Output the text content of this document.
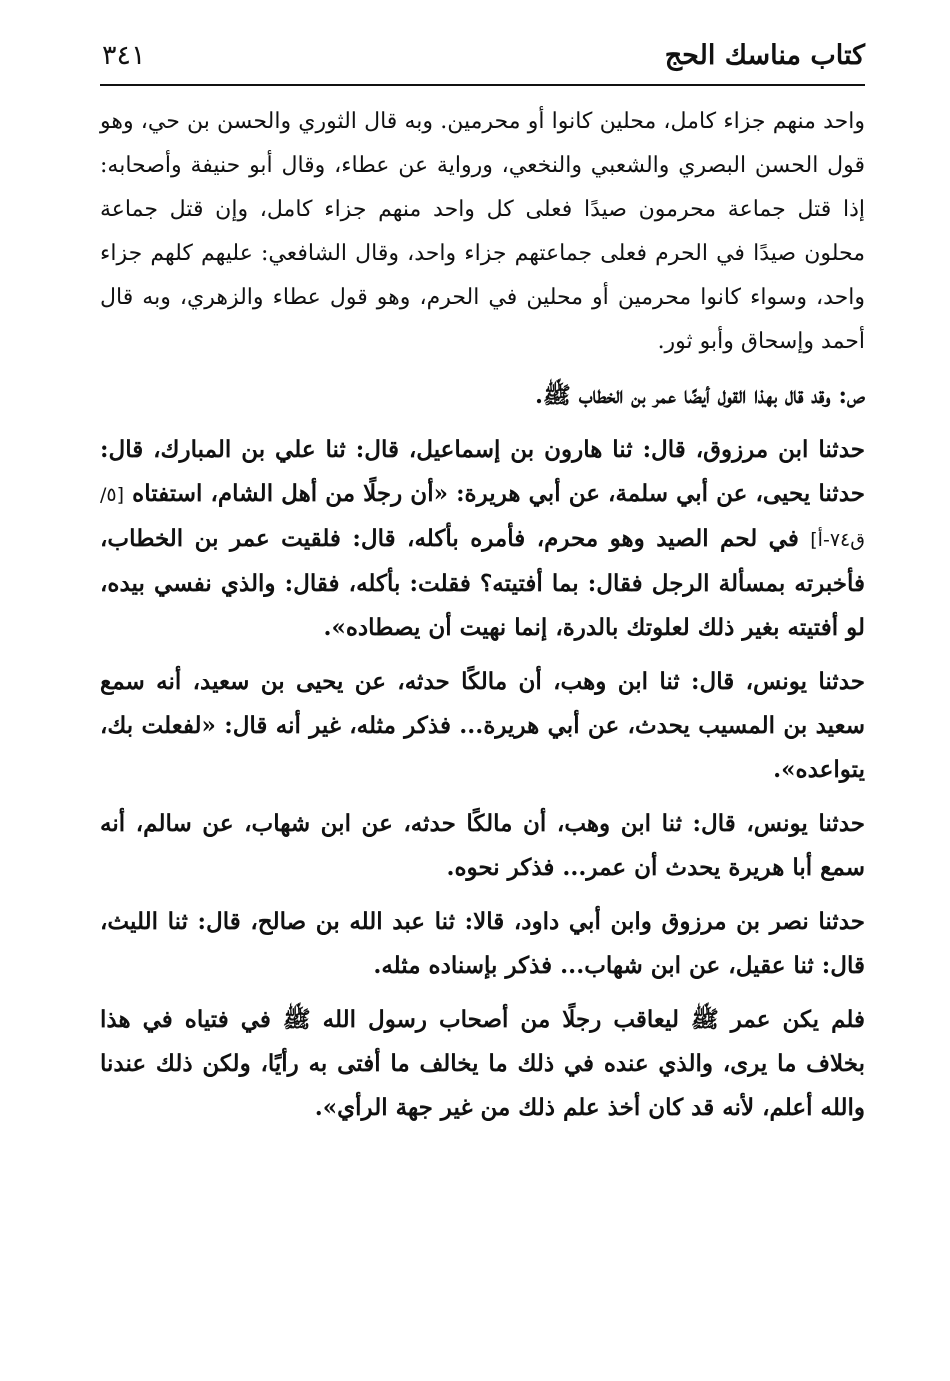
كتاب مناسك الحج
٣٤١

واحد منهم جزاء كامل، محلين كانوا أو محرمين. وبه قال الثوري والحسن بن حي، وهو قول الحسن البصري والشعبي والنخعي، ورواية عن عطاء، وقال أبو حنيفة وأصحابه: إذا قتل جماعة محرمون صيدًا فعلى كل واحد منهم جزاء كامل، وإن قتل جماعة محلون صيدًا في الحرم فعلى جماعتهم جزاء واحد، وقال الشافعي: عليهم كلهم جزاء واحد، وسواء كانوا محرمين أو محلين في الحرم، وهو قول عطاء والزهري، وبه قال أحمد وإسحاق وأبو ثور.

ص: وقد قال بهذا القول أيضًا عمر بن الخطاب ﷺ.

حدثنا ابن مرزوق، قال: ثنا هارون بن إسماعيل، قال: ثنا علي بن المبارك، قال: حدثنا يحيى، عن أبي سلمة، عن أبي هريرة: «أن رجلًا من أهل الشام، استفتاه [٥/ق٧٤-أ] في لحم الصيد وهو محرم، فأمره بأكله، قال: فلقيت عمر بن الخطاب، فأخبرته بمسألة الرجل فقال: بما أفتيته؟ فقلت: بأكله، فقال: والذي نفسي بيده، لو أفتيته بغير ذلك لعلوتك بالدرة، إنما نهيت أن يصطاده».

حدثنا يونس، قال: ثنا ابن وهب، أن مالكًا حدثه، عن يحيى بن سعيد، أنه سمع سعيد بن المسيب يحدث، عن أبي هريرة... فذكر مثله، غير أنه قال: «لفعلت بك، يتواعده».

حدثنا يونس، قال: ثنا ابن وهب، أن مالكًا حدثه، عن ابن شهاب، عن سالم، أنه سمع أبا هريرة يحدث أن عمر... فذكر نحوه.

حدثنا نصر بن مرزوق وابن أبي داود، قالا: ثنا عبد الله بن صالح، قال: ثنا الليث، قال: ثنا عقيل، عن ابن شهاب... فذكر بإسناده مثله.

فلم يكن عمر ﷺ ليعاقب رجلًا من أصحاب رسول الله ﷺ في فتياه في هذا بخلاف ما يرى، والذي عنده في ذلك ما يخالف ما أفتى به رأيًا، ولكن ذلك عندنا والله أعلم، لأنه قد كان أخذ علم ذلك من غير جهة الرأي».
